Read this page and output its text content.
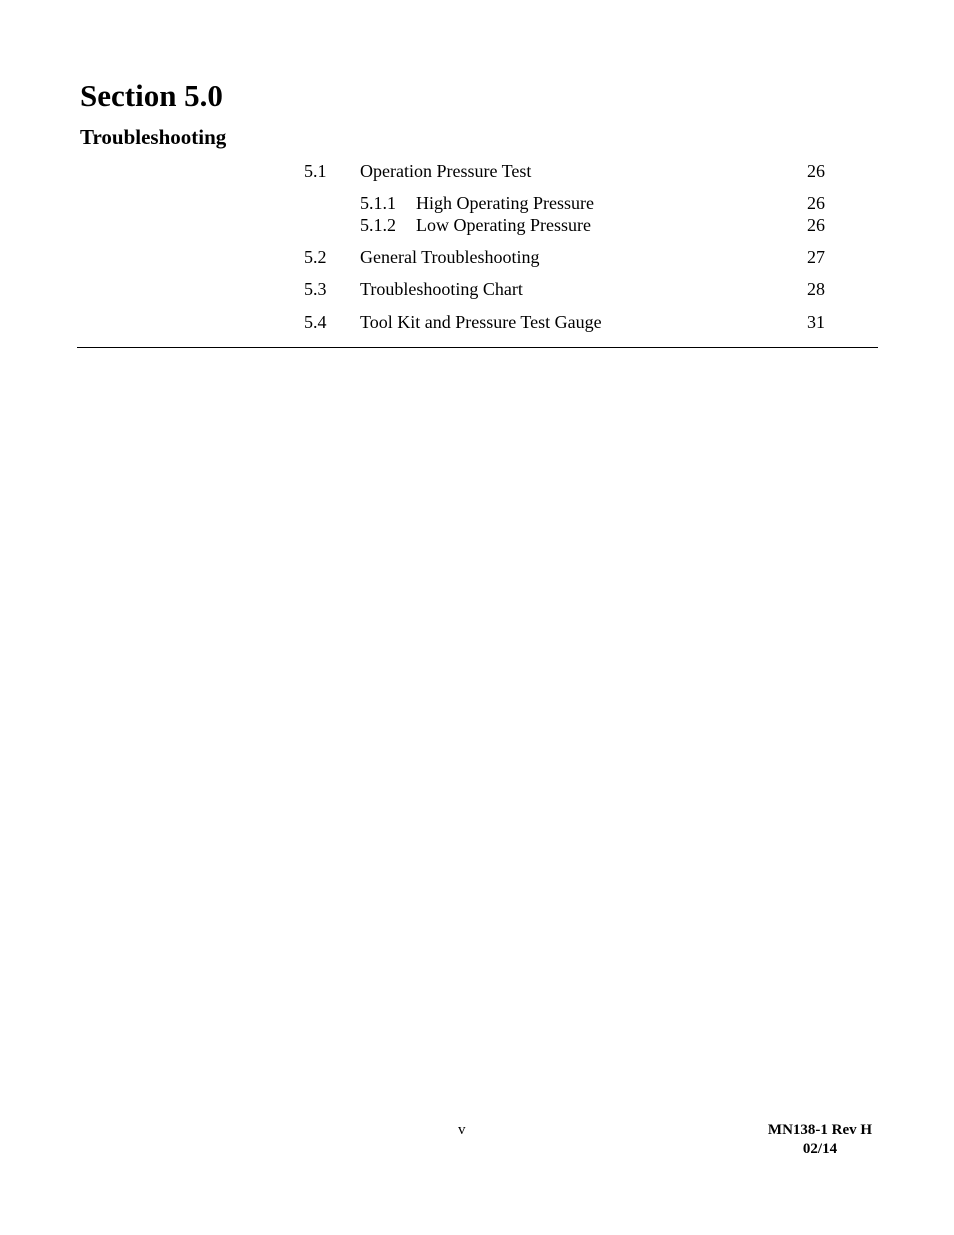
Section 5.0
Troubleshooting
5.1 Operation Pressure Test	26
5.1.1 High Operating Pressure	26
5.1.2 Low Operating Pressure	26
5.2 General Troubleshooting	27
5.3 Troubleshooting Chart	28
5.4 Tool Kit and Pressure Test Gauge	31
v	MN138-1 Rev H
02/14
